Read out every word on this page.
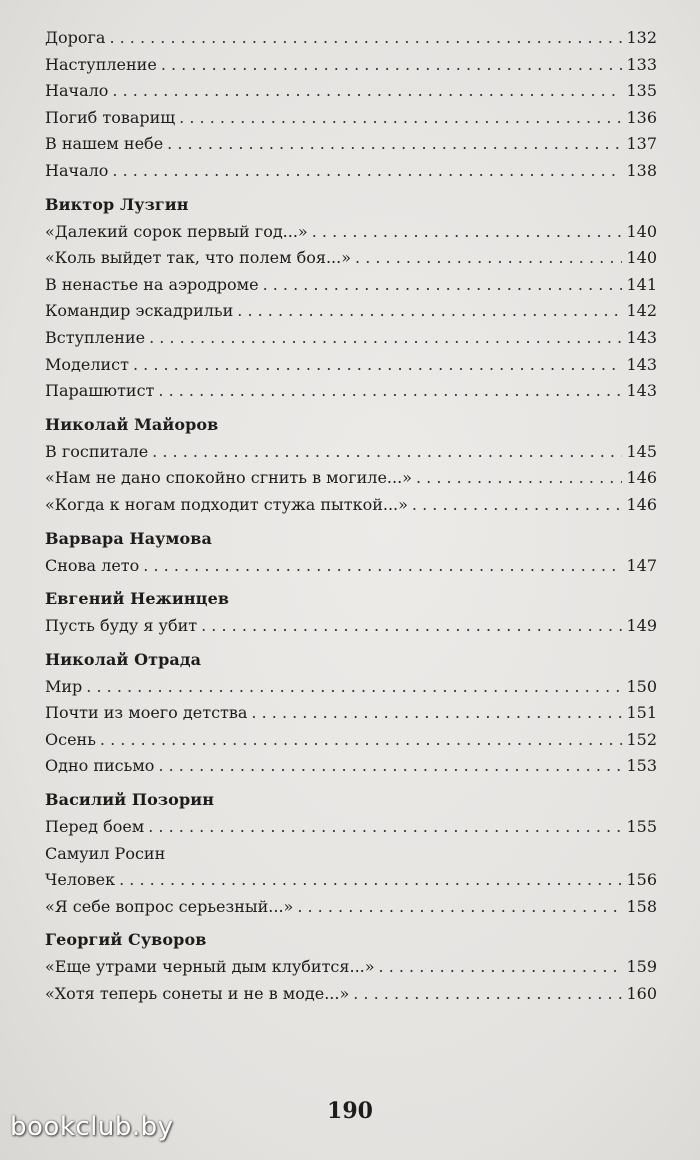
Дорога . . .	132
Наступление . . .	133
Начало . . .	135
Погиб товарищ . . .	136
В нашем небе . . .	137
Начало . . .	138
Виктор Лузгин
«Далекий сорок первый год...» . . .	140
«Коль выйдет так, что полем боя...» . . .	140
В ненастье на аэродроме . . .	141
Командир эскадрильи . . .	142
Вступление . . .	143
Моделист . . .	143
Парашютист . . .	143
Николай Майоров
В госпитале . . .	145
«Нам не дано спокойно сгнить в могиле...» . . .	146
«Когда к ногам подходит стужа пыткой...» . . .	146
Варвара Наумова
Снова лето . . .	147
Евгений Нежинцев
Пусть буду я убит . . .	149
Николай Отрада
Мир . . .	150
Почти из моего детства . . .	151
Осень . . .	152
Одно письмо . . .	153
Василий Позорин
Перед боем . . .	155
Самуил Росин
Человек . . .	156
«Я себе вопрос серьезный...» . . .	158
Георгий Суворов
«Еще утрами черный дым клубится...» . . .	159
«Хотя теперь сонеты и не в моде...» . . .	160
190
bookclub.by
